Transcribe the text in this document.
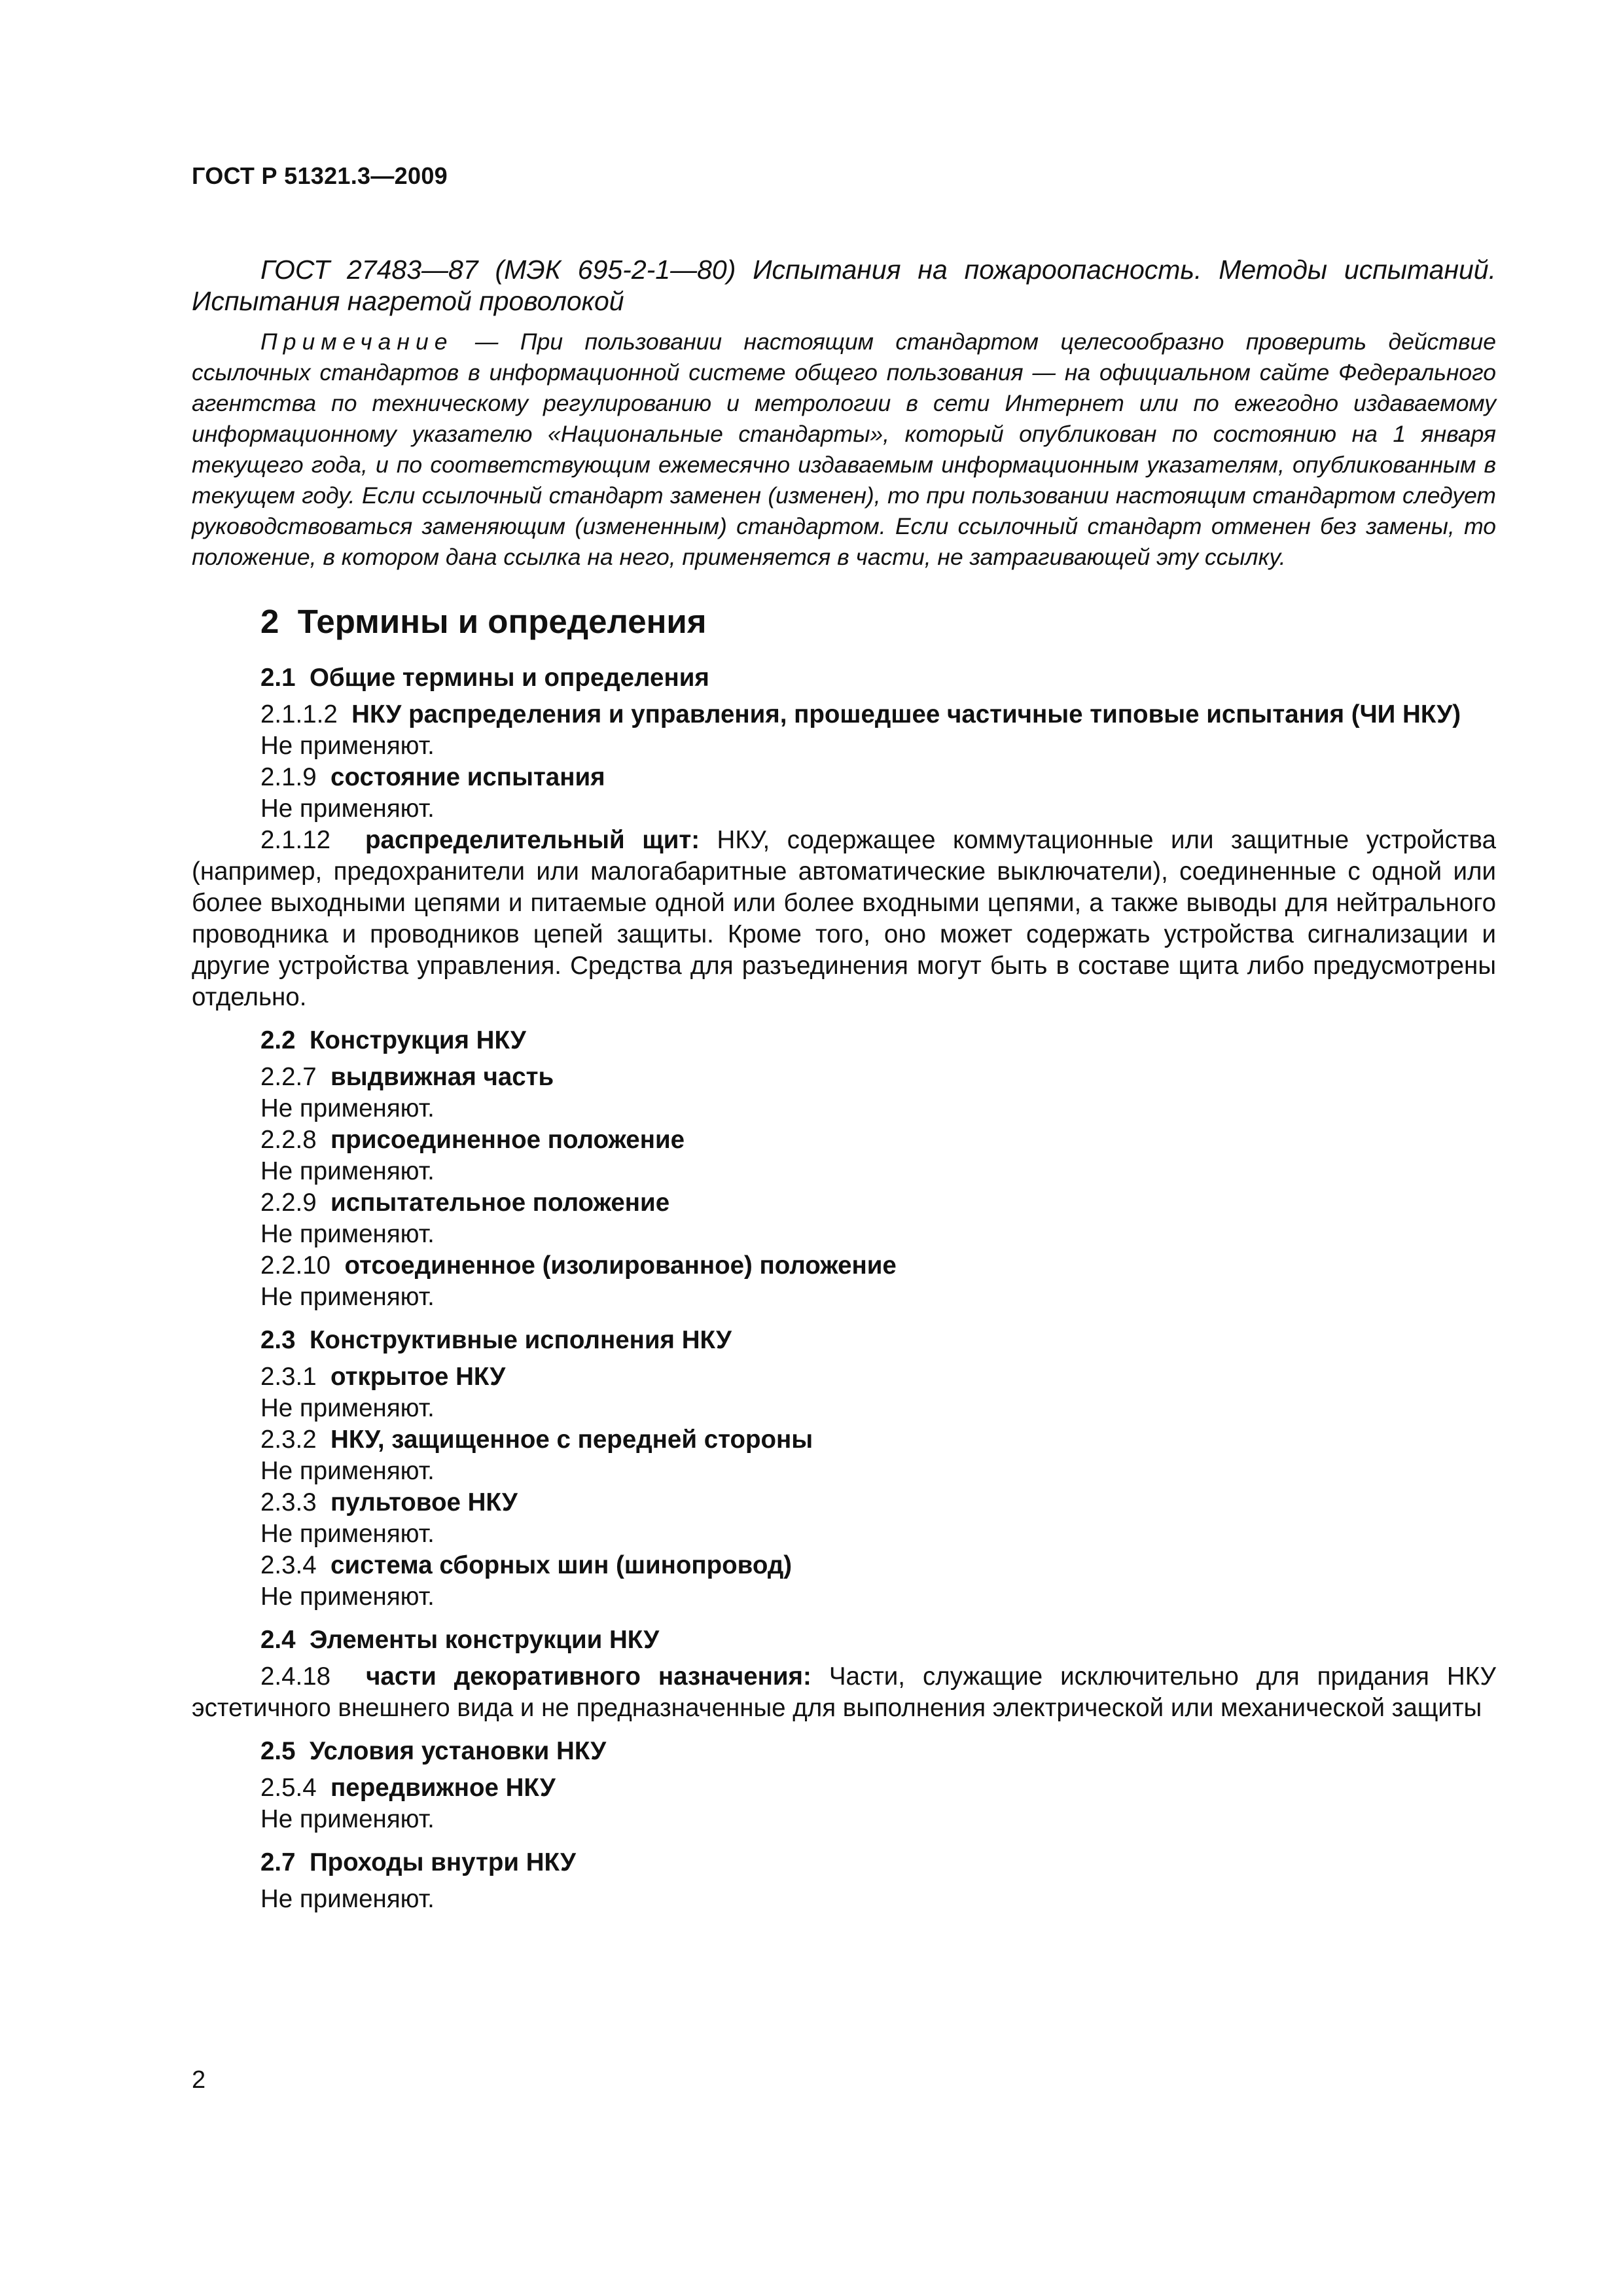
ГОСТ Р 51321.3—2009

ГОСТ 27483—87 (МЭК 695-2-1—80) Испытания на пожароопасность. Методы испытаний. Испытания нагретой проволокой

Примечание — При пользовании настоящим стандартом целесообразно проверить действие ссылочных стандартов в информационной системе общего пользования — на официальном сайте Федерального агентства по техническому регулированию и метрологии в сети Интернет или по ежегодно издаваемому информационному указателю «Национальные стандарты», который опубликован по состоянию на 1 января текущего года, и по соответствующим ежемесячно издаваемым информационным указателям, опубликованным в текущем году. Если ссылочный стандарт заменен (изменен), то при пользовании настоящим стандартом следует руководствоваться заменяющим (измененным) стандартом. Если ссылочный стандарт отменен без замены, то положение, в котором дана ссылка на него, применяется в части, не затрагивающей эту ссылку.

2 Термины и определения

2.1 Общие термины и определения

2.1.1.2 НКУ распределения и управления, прошедшее частичные типовые испытания (ЧИ НКУ)

Не применяют.

2.1.9 состояние испытания

Не применяют.

2.1.12 распределительный щит: НКУ, содержащее коммутационные или защитные устройства (например, предохранители или малогабаритные автоматические выключатели), соединенные с одной или более выходными цепями и питаемые одной или более входными цепями, а также выводы для нейтрального проводника и проводников цепей защиты. Кроме того, оно может содержать устройства сигнализации и другие устройства управления. Средства для разъединения могут быть в составе щита либо предусмотрены отдельно.

2.2 Конструкция НКУ

2.2.7 выдвижная часть

Не применяют.

2.2.8 присоединенное положение

Не применяют.

2.2.9 испытательное положение

Не применяют.

2.2.10 отсоединенное (изолированное) положение

Не применяют.

2.3 Конструктивные исполнения НКУ

2.3.1 открытое НКУ

Не применяют.

2.3.2 НКУ, защищенное с передней стороны

Не применяют.

2.3.3 пультовое НКУ

Не применяют.

2.3.4 система сборных шин (шинопровод)

Не применяют.

2.4 Элементы конструкции НКУ

2.4.18 части декоративного назначения: Части, служащие исключительно для придания НКУ эстетичного внешнего вида и не предназначенные для выполнения электрической или механической защиты

2.5 Условия установки НКУ

2.5.4 передвижное НКУ

Не применяют.

2.7 Проходы внутри НКУ

Не применяют.

2
